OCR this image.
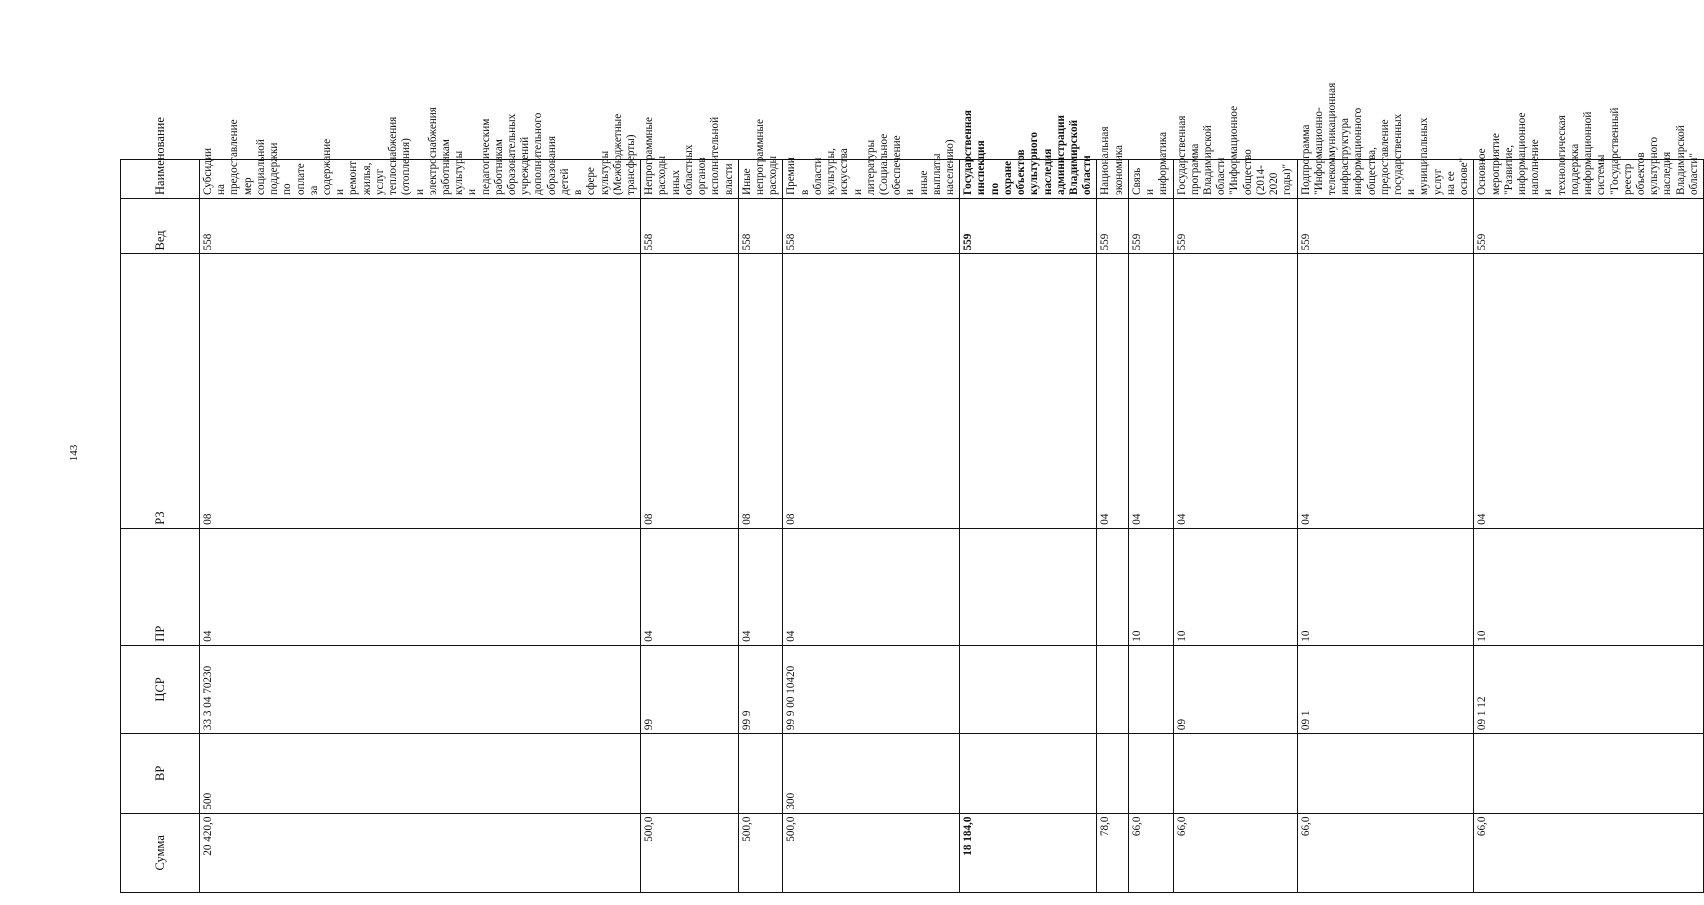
143
Сумма	ВР	ЦСР	ПР	РЗ	Вед	Наименование
20 420,0	500	33 3 04 70230	04	08	558	Субсидии на предоставление мер социальной поддержки по оплате за содержание и ремонт жилья, услуг теплоснабжения (отопления) и электроснабжения работникам культуры и педагогическим работникам образовательных учреждений дополнительного образования детей в сфере культуры (Межбюджетные трансферты)
500,0		99	04	08	558	Непрограммные расходы иных областных органов исполнительной власти
500,0		99 9	04	08	558	Иные непрограммные расходы
500,0	300	99 9 00 10420	04	08	558	Премии в области культуры, искусства и литературы (Социальное обеспечение и иные выплаты населению)
18 184,0					559	Государственная инспекция по охране объектов культурного наследия администрации Владимирской области
78,0				04	559	Национальная экономика
66,0			10	04	559	Связь и информатика
66,0		09	10	04	559	Государственная программа Владимирской области "Информационное общество (2014-2020 годы)"
66,0		09 1	10	04	559	Подпрограмма "Информационно-телекоммуникационная инфраструктура информационного общества, предоставление государственных и муниципальных услуг на ее основе"
66,0		09 1 12	10	04	559	Основное мероприятие "Развитие, информационное наполнение и технологическая поддержка информационной системы "Государственный реестр объектов культурного наследия Владимирской области"
